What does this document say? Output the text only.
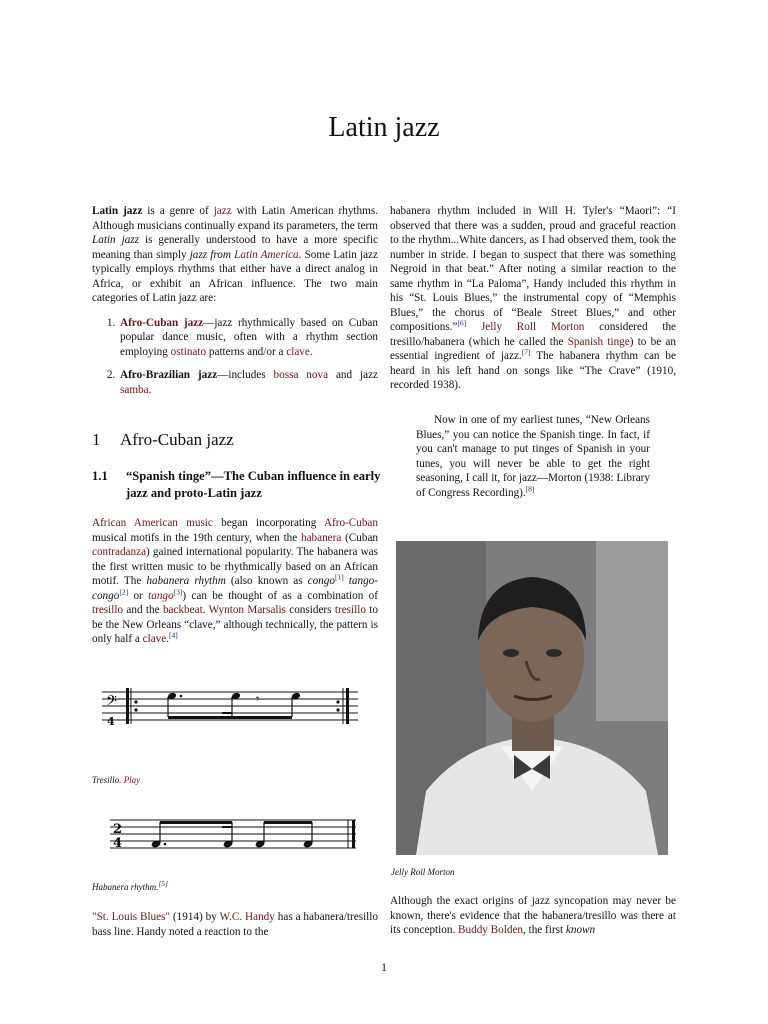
Latin jazz

Latin jazz is a genre of jazz with Latin American rhythms. Although musicians continually expand its parameters, the term Latin jazz is generally understood to have a more specific meaning than simply jazz from Latin America. Some Latin jazz typically employs rhythms that either have a direct analog in Africa, or exhibit an African influence. The two main categories of Latin jazz are:

1. Afro-Cuban jazz—jazz rhythmically based on Cuban popular dance music, often with a rhythm section employing ostinato patterns and/or a clave.
2. Afro-Brazilian jazz—includes bossa nova and jazz samba.
1 Afro-Cuban jazz
1.1	“Spanish tinge”—The Cuban influence in early jazz and proto-Latin jazz

African American music began incorporating Afro-Cuban musical motifs in the 19th century, when the habanera (Cuban contradanza) gained international popularity. The habanera was the first written music to be rhythmically based on an African motif. The habanera rhythm (also known as congo[1] tango-congo[2] or tango[3]) can be thought of as a combination of tresillo and the backbeat. Wynton Marsalis considers tresillo to be the New Orleans “clave,” although technically, the pattern is only half a clave.[4]

𝄢
4
𝄾
Tresillo. Play
2
4
Habanera rhythm.[5]

"St. Louis Blues" (1914) by W.C. Handy has a habanera/tresillo bass line. Handy noted a reaction to the

habanera rhythm included in Will H. Tyler's “Maori”: “I observed that there was a sudden, proud and graceful reaction to the rhythm...White dancers, as I had observed them, took the number in stride. I began to suspect that there was something Negroid in that beat.” After noting a similar reaction to the same rhythm in “La Paloma”, Handy included this rhythm in his “St. Louis Blues,” the instrumental copy of “Memphis Blues,” the chorus of “Beale Street Blues,” and other compositions.”[6] Jelly Roll Morton considered the tresillo/habanera (which he called the Spanish tinge) to be an essential ingredient of jazz.[7] The habanera rhythm can be heard in his left hand on songs like “The Crave” (1910, recorded 1938).

Now in one of my earliest tunes, “New Orleans Blues,” you can notice the Spanish tinge. In fact, if you can't manage to put tinges of Spanish in your tunes, you will never be able to get the right seasoning, I call it, for jazz—Morton (1938: Library of Congress Recording).[8]

Jelly Roll Morton

Although the exact origins of jazz syncopation may never be known, there's evidence that the habanera/tresillo was there at its conception. Buddy Bolden, the first known

1
